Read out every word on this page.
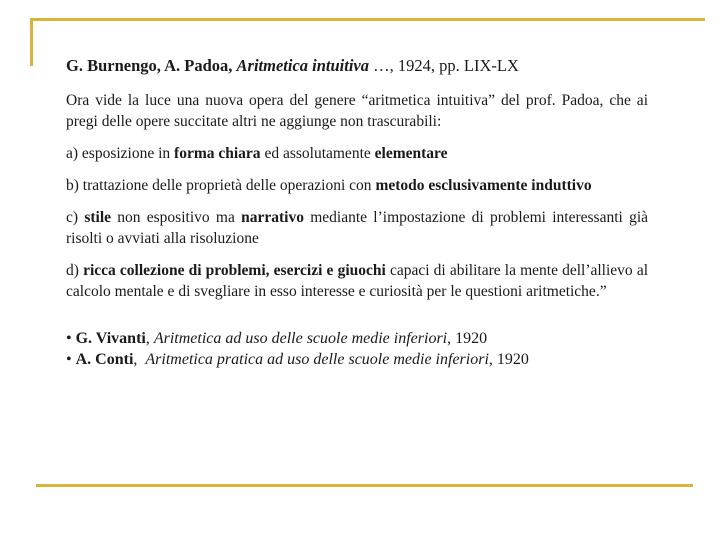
G. Burnengo, A. Padoa, Aritmetica intuitiva …, 1924, pp. LIX-LX

Ora vide la luce una nuova opera del genere “aritmetica intuitiva” del prof. Padoa, che ai pregi delle opere succitate altri ne aggiunge non trascurabili:

a) esposizione in forma chiara ed assolutamente elementare

b) trattazione delle proprietà delle operazioni con metodo esclusivamente induttivo

c) stile non espositivo ma narrativo mediante l’impostazione di problemi interessanti già risolti o avviati alla risoluzione

d) ricca collezione di problemi, esercizi e giuochi capaci di abilitare la mente dell’allievo al calcolo mentale e di svegliare in esso interesse e curiosità per le questioni aritmetiche.”

• G. Vivanti, Aritmetica ad uso delle scuole medie inferiori, 1920
• A. Conti,  Aritmetica pratica ad uso delle scuole medie inferiori, 1920
